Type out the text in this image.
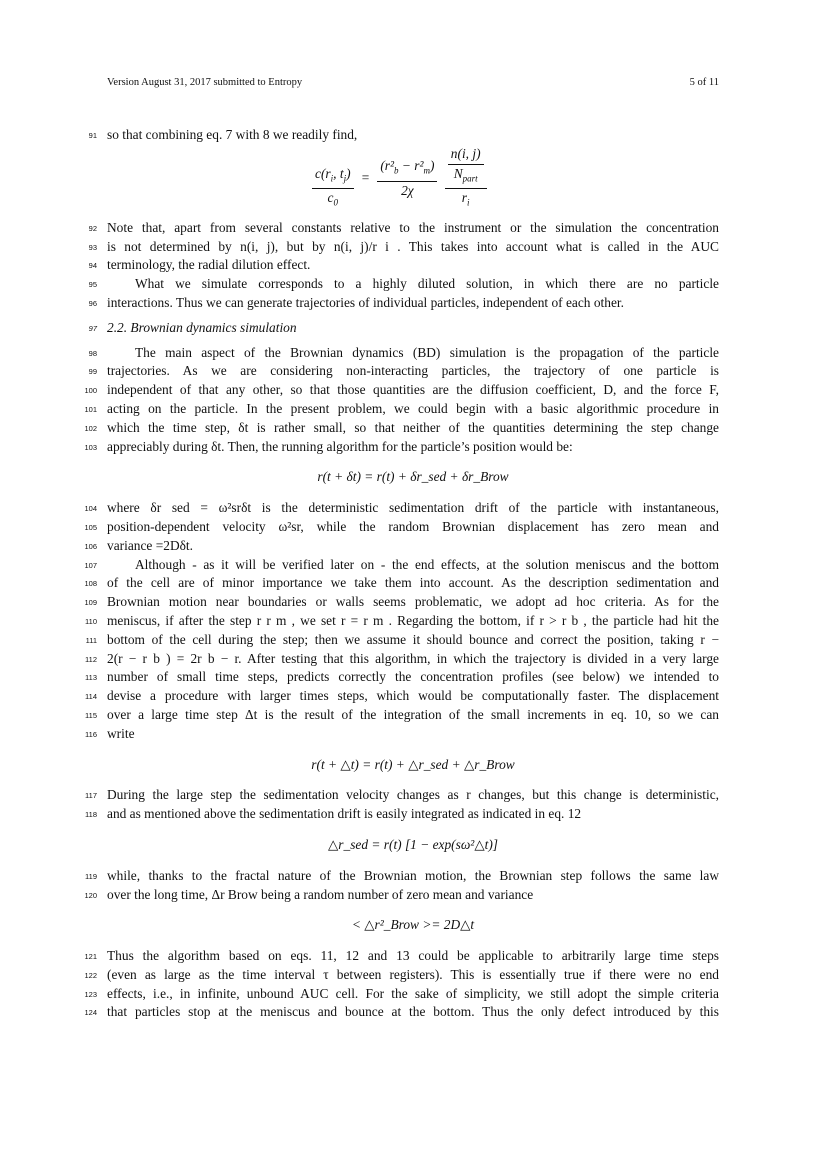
Version August 31, 2017 submitted to Entropy	5 of 11
91 so that combining eq. 7 with 8 we readily find,
$\frac{c(r_i, t_j)}{c_0} = \frac{(r^2_b - r^2_m)}{2\chi}$
$\frac{\frac{n(i, j)}{N_{part}}}{r_i}$
92 Note that, apart from several constants relative to the instrument or the simulation the concentration
93 is not determined by n(i, j), but by n(i, j)/r i . This takes into account what is called in the AUC
94 terminology, the radial dilution effect.
95	What we simulate corresponds to a highly diluted solution, in which there are no particle
96 interactions. Thus we can generate trajectories of individual particles, independent of each other.
97 2.2. Brownian dynamics simulation
98	The main aspect of the Brownian dynamics (BD) simulation is the propagation of the particle
99 trajectories. As we are considering non-interacting particles, the trajectory of one particle is
100 independent of that any other, so that those quantities are the diffusion coefficient, D, and the force F,
101 acting on the particle. In the present problem, we could begin with a basic algorithmic procedure in
102 which the time step, δt is rather small, so that neither of the quantities determining the step change
103 appreciably during δt. Then, the running algorithm for the particle’s position would be:
r(t + δt) = r(t) + δr_sed + δr_Brow
104 where δr sed = ω²srδt is the deterministic sedimentation drift of the particle with instantaneous,
105 position-dependent velocity ω²sr, while the random Brownian displacement has zero mean and
106 variance =2Dδt.
107	Although - as it will be verified later on - the end effects, at the solution meniscus and the bottom
108 of the cell are of minor importance we take them into account. As the description sedimentation and
109 Brownian motion near boundaries or walls seems problematic, we adopt ad hoc criteria. As for the
110 meniscus, if after the step r r m , we set r = r m . Regarding the bottom, if r > r b , the particle had hit the
111 bottom of the cell during the step; then we assume it should bounce and correct the position, taking r −
112 2(r − r b ) = 2r b − r. After testing that this algorithm, in which the trajectory is divided in a very large
113 number of small time steps, predicts correctly the concentration profiles (see below) we intended to
114 devise a procedure with larger times steps, which would be computationally faster. The displacement
115 over a large time step Δt is the result of the integration of the small increments in eq. 10, so we can
116 write
r(t + △t) = r(t) + △r_sed + △r_Brow
117 During the large step the sedimentation velocity changes as r changes, but this change is deterministic,
118 and as mentioned above the sedimentation drift is easily integrated as indicated in eq. 12
△r_sed = r(t) [1 − exp(sω²△t)]
119 while, thanks to the fractal nature of the Brownian motion, the Brownian step follows the same law
120 over the long time, Δr Brow being a random number of zero mean and variance
< △r²_Brow >= 2D△t
121 Thus the algorithm based on eqs. 11, 12 and 13 could be applicable to arbitrarily large time steps
122 (even as large as the time interval τ between registers). This is essentially true if there were no end
123 effects, i.e., in infinite, unbound AUC cell. For the sake of simplicity, we still adopt the simple criteria
124 that particles stop at the meniscus and bounce at the bottom. Thus the only defect introduced by this
